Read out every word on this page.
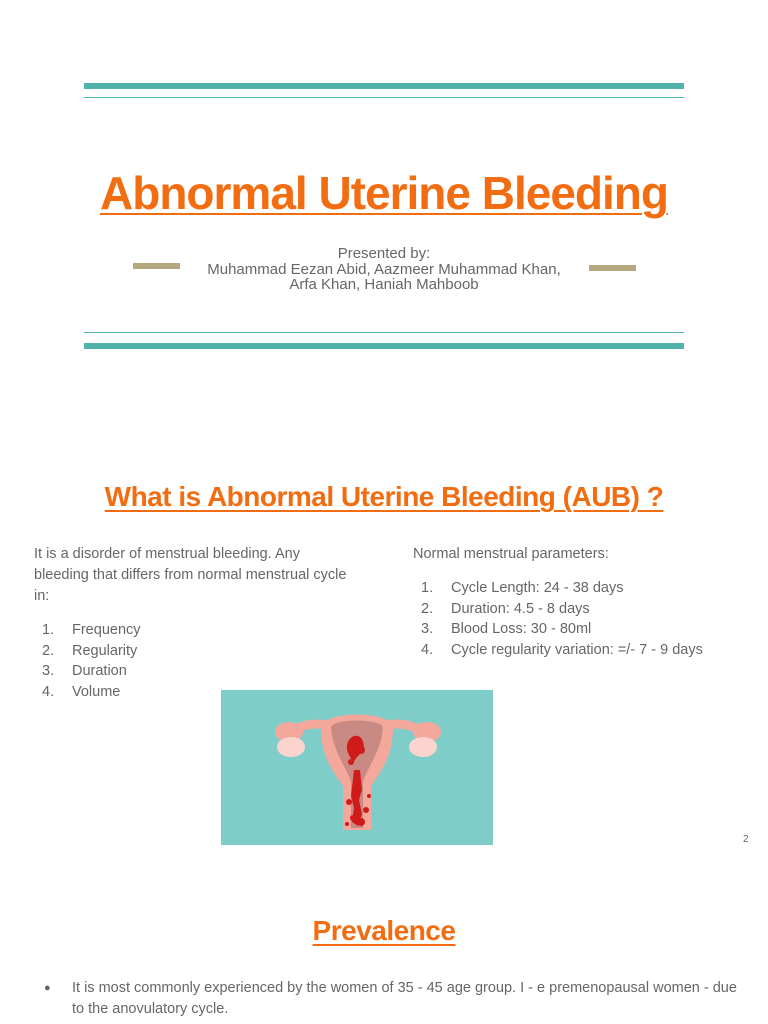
Abnormal Uterine Bleeding
Presented by:
Muhammad Eezan Abid, Aazmeer Muhammad Khan,
Arfa Khan, Haniah Mahboob
What is Abnormal Uterine Bleeding (AUB) ?
It is a disorder of menstrual bleeding. Any bleeding that differs from normal menstrual cycle in:
1. Frequency
2. Regularity
3. Duration
4. Volume
Normal menstrual parameters:
1. Cycle Length: 24 - 38 days
2. Duration: 4.5 - 8 days
3. Blood Loss: 30 - 80ml
4. Cycle regularity variation: =/- 7 - 9 days
2
Prevalence
● It is most commonly experienced by the women of 35 - 45 age group. I - e premenopausal women - due to the anovulatory cycle.
